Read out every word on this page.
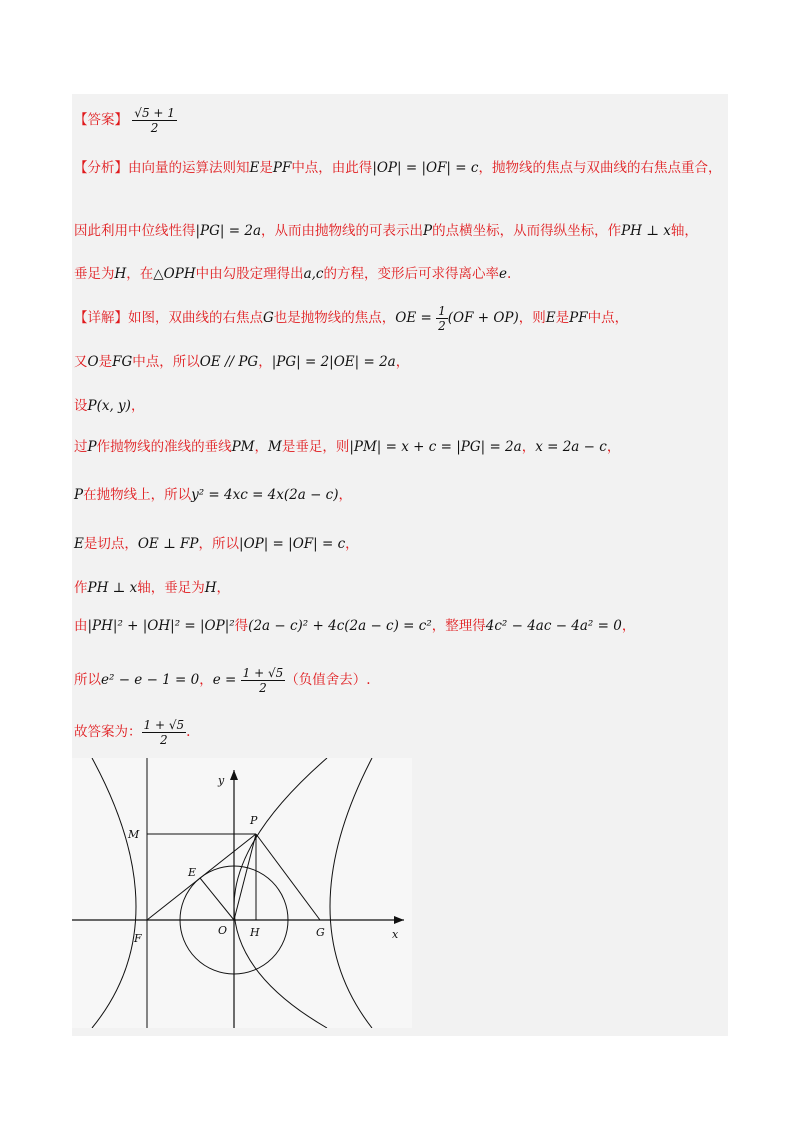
【答案】 $\frac{√5 + 1}{2}$
【分析】由向量的运算法则知E是PF中点，由此得|OP| = |OF| = c，抛物线的焦点与双曲线的右焦点重合，
因此利用中位线性得|PG| = 2a，从而由抛物线的可表示出P的点横坐标，从而得纵坐标，作PH ⊥ x轴，
垂足为H，在△OPH中由勾股定理得出a,c的方程，变形后可求得离心率e.
【详解】如图，双曲线的右焦点G也是抛物线的焦点，OE = $\frac{1}{2} (OF + OP)$，则E是PF中点，
又O是FG中点，所以OE // PG，|PG| = 2|OE| = 2a，
设P(x, y)，
过P作抛物线的准线的垂线PM，M是垂足，则|PM| = x + c = |PG| = 2a，x = 2a − c，
P在抛物线上，所以y² = 4xc = 4x(2a − c)，
E是切点，OE ⊥ FP，所以|OP| = |OF| = c，
作PH ⊥ x轴，垂足为H，
由|PH|² + |OH|² = |OP|²得(2a − c)² + 4c(2a − c) = c²，整理得4c² − 4ac − 4a² = 0，
所以e² − e − 1 = 0，$e = \frac{1 + √5}{2}$ （负值舍去）.
故答案为： $\frac{1 + √5}{2}$ .
y
x
M
P
E
F
O H	G
